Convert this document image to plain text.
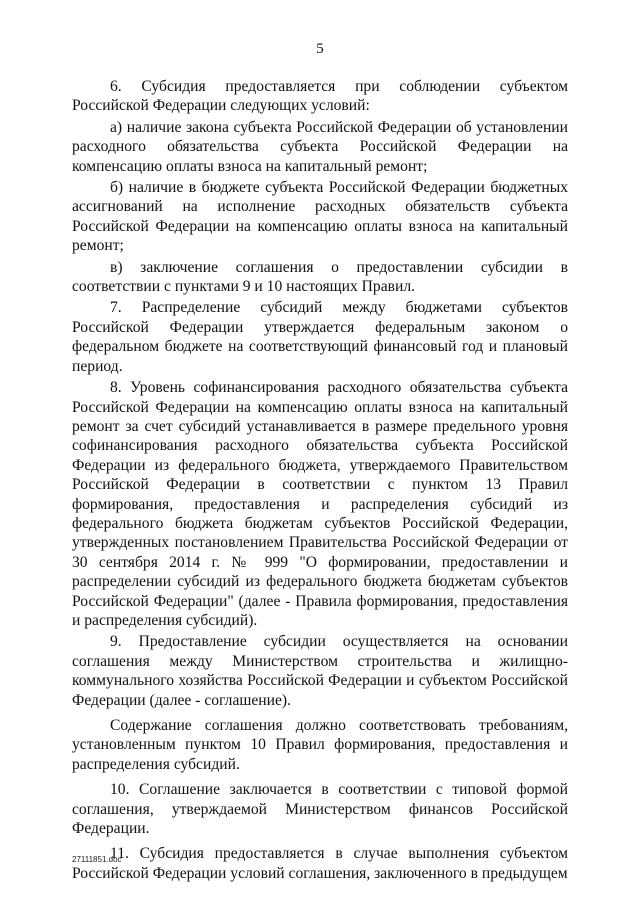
5

6. Субсидия предоставляется при соблюдении субъектом Российской Федерации следующих условий:

а) наличие закона субъекта Российской Федерации об установлении расходного обязательства субъекта Российской Федерации на компенсацию оплаты взноса на капитальный ремонт;

б) наличие в бюджете субъекта Российской Федерации бюджетных ассигнований на исполнение расходных обязательств субъекта Российской Федерации на компенсацию оплаты взноса на капитальный ремонт;

в) заключение соглашения о предоставлении субсидии в соответствии с пунктами 9 и 10 настоящих Правил.

7. Распределение субсидий между бюджетами субъектов Российской Федерации утверждается федеральным законом о федеральном бюджете на соответствующий финансовый год и плановый период.

8. Уровень софинансирования расходного обязательства субъекта Российской Федерации на компенсацию оплаты взноса на капитальный ремонт за счет субсидий устанавливается в размере предельного уровня софинансирования расходного обязательства субъекта Российской Федерации из федерального бюджета, утверждаемого Правительством Российской Федерации в соответствии с пунктом 13 Правил формирования, предоставления и распределения субсидий из федерального бюджета бюджетам субъектов Российской Федерации, утвержденных постановлением Правительства Российской Федерации от 30 сентября 2014 г. № 999 "О формировании, предоставлении и распределении субсидий из федерального бюджета бюджетам субъектов Российской Федерации" (далее - Правила формирования, предоставления и распределения субсидий).

9. Предоставление субсидии осуществляется на основании соглашения между Министерством строительства и жилищно-коммунального хозяйства Российской Федерации и субъектом Российской Федерации (далее - соглашение).

Содержание соглашения должно соответствовать требованиям, установленным пунктом 10 Правил формирования, предоставления и распределения субсидий.

10. Соглашение заключается в соответствии с типовой формой соглашения, утверждаемой Министерством финансов Российской Федерации.

11. Субсидия предоставляется в случае выполнения субъектом Российской Федерации условий соглашения, заключенного в предыдущем

27111851.doc
